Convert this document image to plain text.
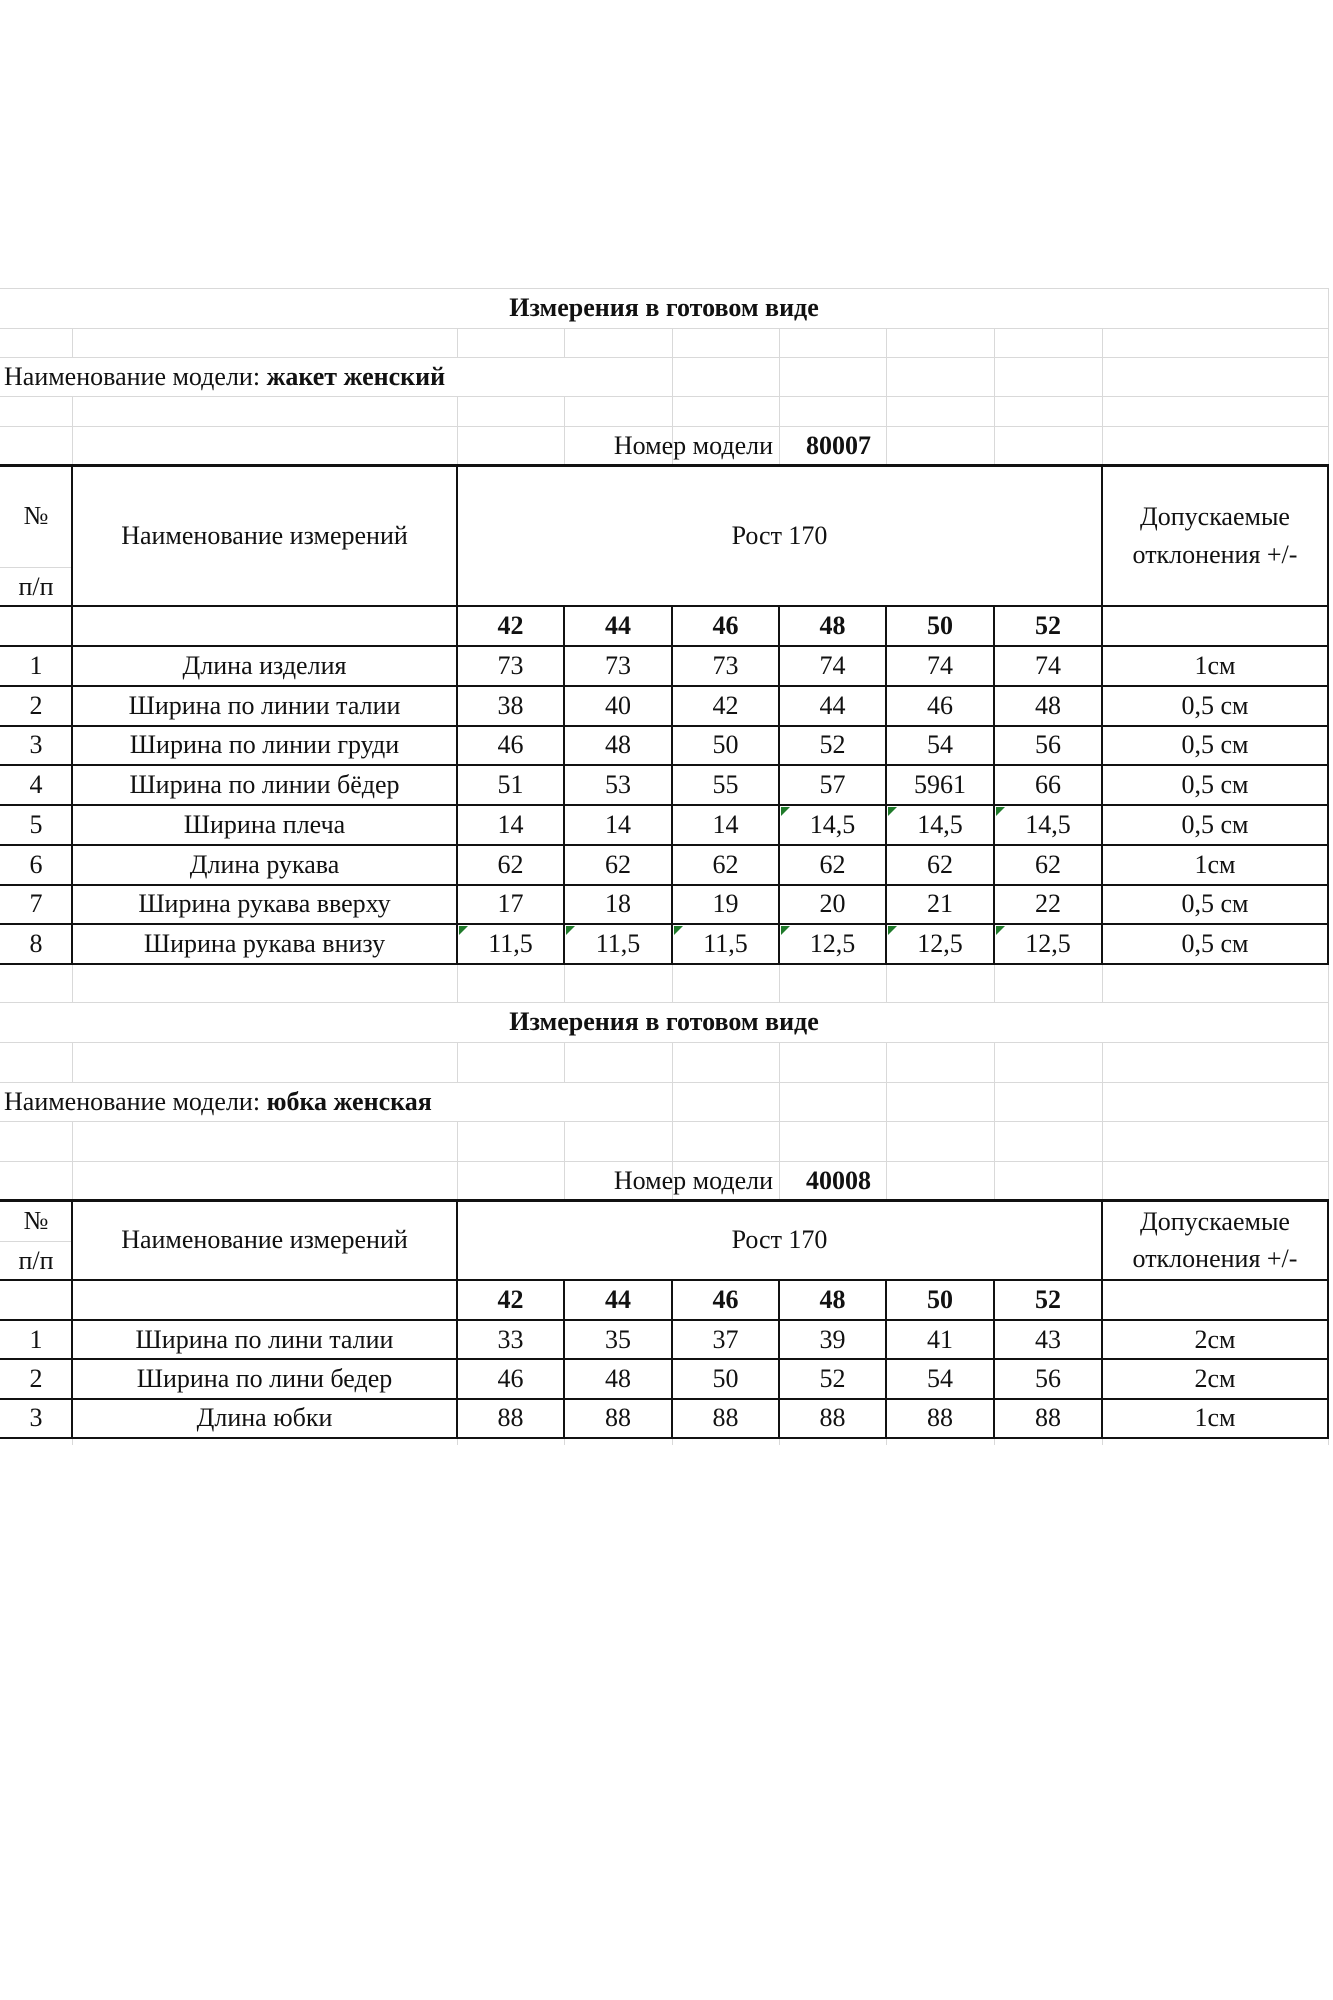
Измерения в готовом виде
Наименование модели:
жакет женский
Номер модели	80007
№
п/п
Наименование измерений	Рост 170
Допускаемые
отклонения +/-
42	44	46	48	50	52
1	Длина изделия	73	73	73	74	74	74	1см
2	Ширина по линии талии	38	40	42	44	46	48	0,5 см
3	Ширина по линии груди	46	48	50	52	54	56	0,5 см
4	Ширина по линии бёдер	51	53	55	57	5961	66	0,5 см
5	Ширина плеча	14	14	14	14,5	14,5	14,5	0,5 см
6	Длина рукава	62	62	62	62	62	62	1см
7	Ширина рукава вверху	17	18	19	20	21	22	0,5 см
8	Ширина рукава внизу	11,5	11,5	11,5	12,5	12,5	12,5	0,5 см
Измерения в готовом виде
Наименование модели:
юбка женская
Номер модели	40008
№
п/п
Наименование измерений	Рост 170
Допускаемые
отклонения +/-
42	44	46	48	50	52
1	Ширина по лини талии	33	35	37	39	41	43	2см
2	Ширина по лини бедер	46	48	50	52	54	56	2см
3	Длина юбки	88	88	88	88	88	88	1см
